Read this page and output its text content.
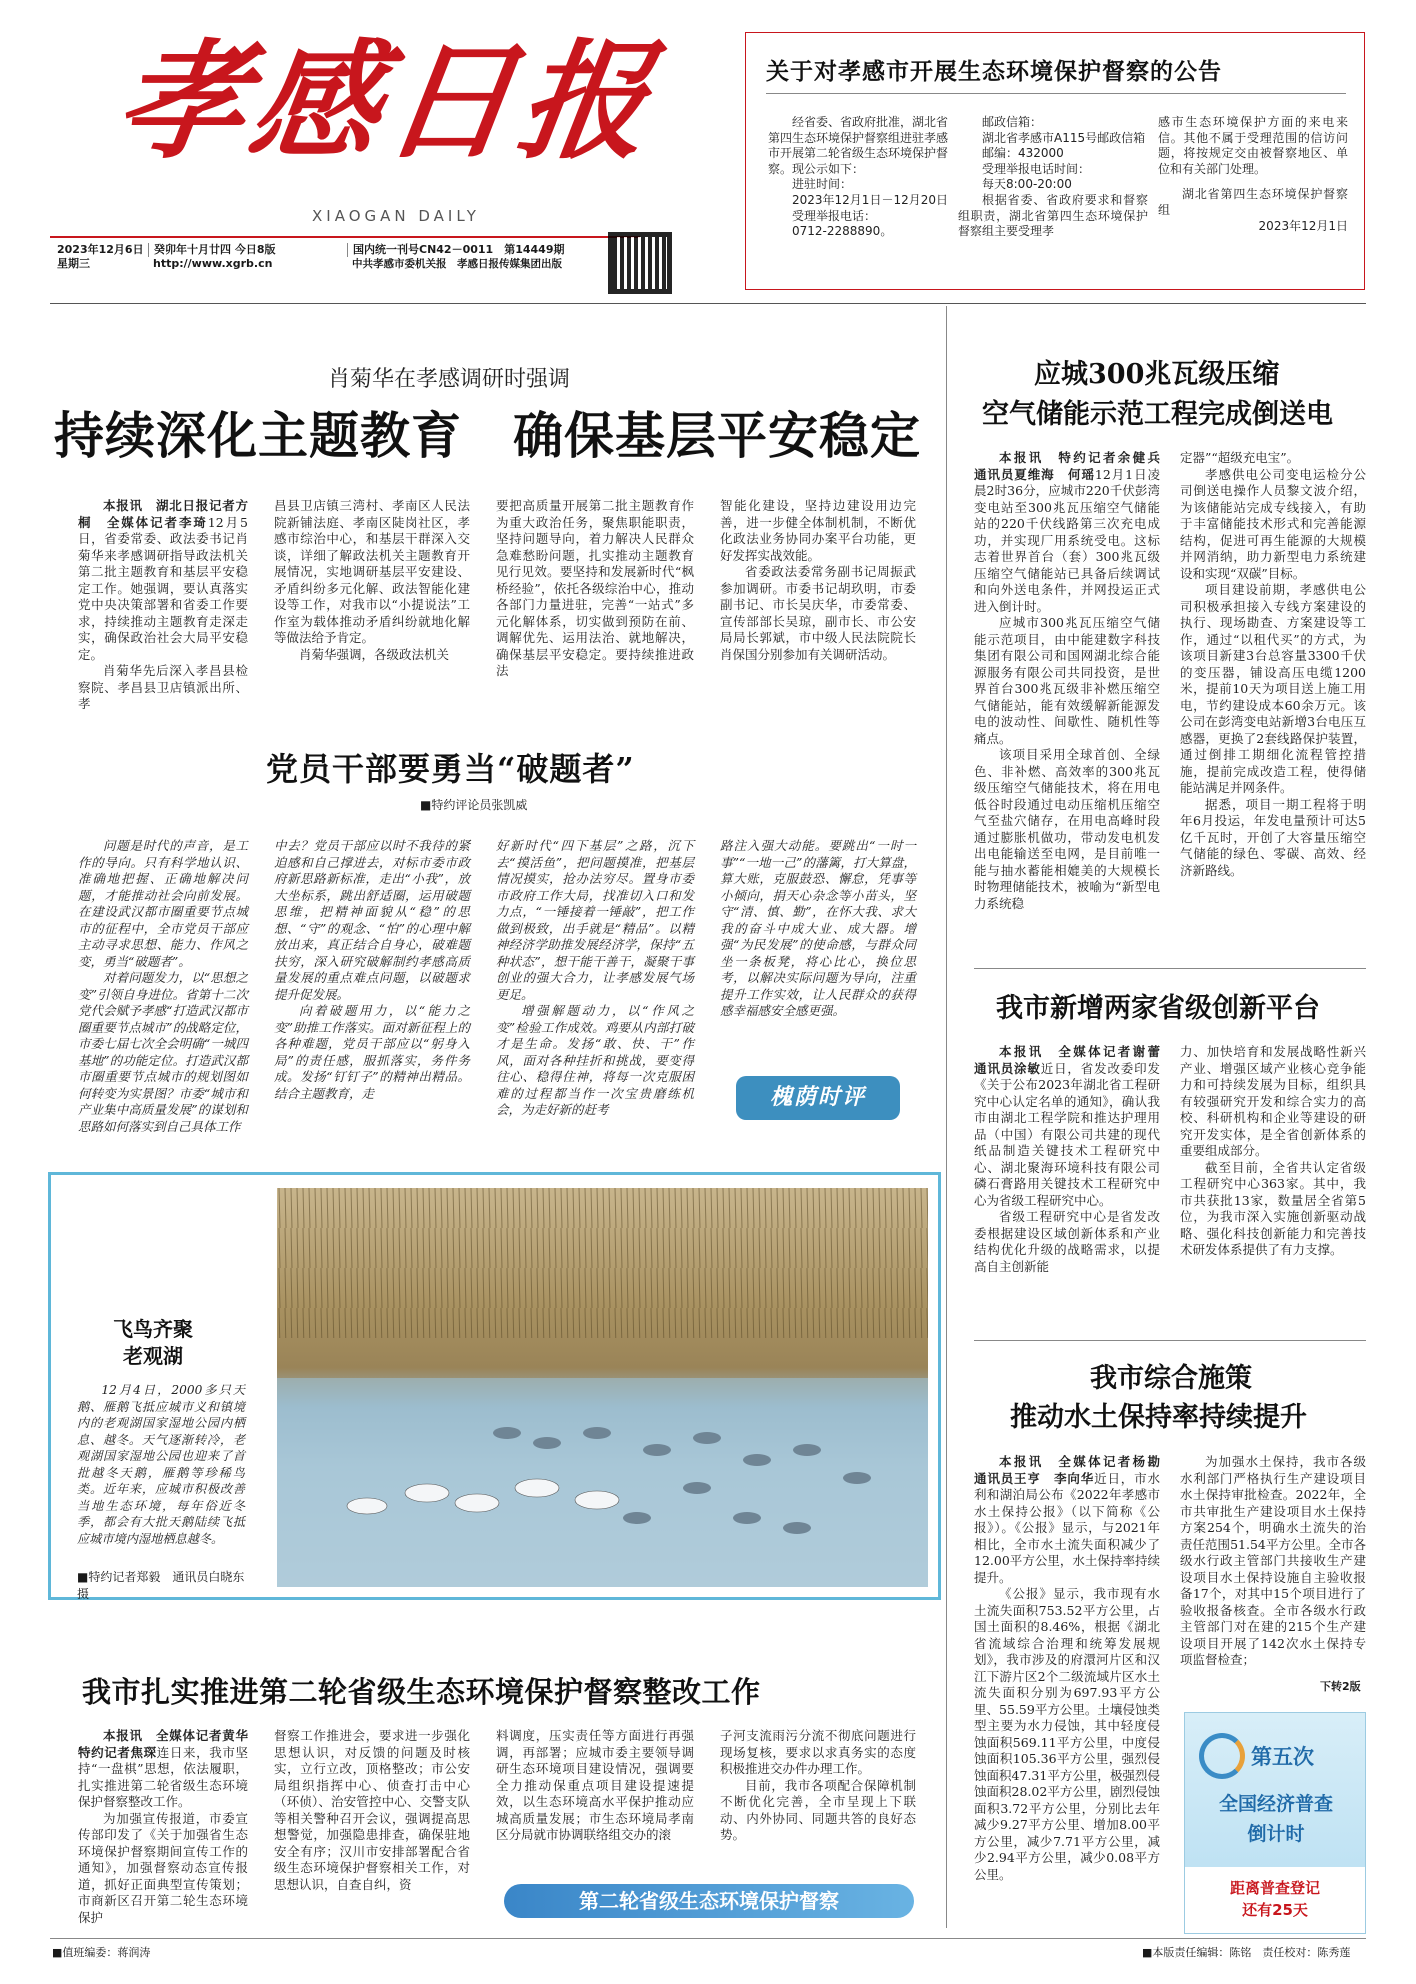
孝感日报
XIAOGAN DAILY
2023年12月6日
星期三
癸卯年十月廿四 今日8版
http://www.xgrb.cn
国内统一刊号CN42－0011　第14449期
中共孝感市委机关报　孝感日报传媒集团出版
关于对孝感市开展生态环境保护督察的公告

经省委、省政府批准，湖北省第四生态环境保护督察组进驻孝感市开展第二轮省级生态环境保护督察。现公示如下：

进驻时间：

2023年12月1日－12月20日

受理举报电话：

0712-2288890。

邮政信箱：

湖北省孝感市A115号邮政信箱

邮编：432000

受理举报电话时间：

每天8:00-20:00

根据省委、省政府要求和督察组职责，湖北省第四生态环境保护督察组主要受理孝

感市生态环境保护方面的来电来信。其他不属于受理范围的信访问题，将按规定交由被督察地区、单位和有关部门处理。

湖北省第四生态环境保护督察组

2023年12月1日

肖菊华在孝感调研时强调
持续深化主题教育　确保基层平安稳定

本报讯　湖北日报记者方桐　全媒体记者李琦12月5日，省委常委、政法委书记肖菊华来孝感调研指导政法机关第二批主题教育和基层平安稳定工作。她强调，要认真落实党中央决策部署和省委工作要求，持续推动主题教育走深走实，确保政治社会大局平安稳定。

肖菊华先后深入孝昌县检察院、孝昌县卫店镇派出所、孝

昌县卫店镇三湾村、孝南区人民法院新铺法庭、孝南区陡岗社区，孝感市综治中心，和基层干群深入交谈，详细了解政法机关主题教育开展情况，实地调研基层平安建设、矛盾纠纷多元化解、政法智能化建设等工作，对我市以“小提说法”工作室为载体推动矛盾纠纷就地化解等做法给予肯定。

肖菊华强调，各级政法机关

要把高质量开展第二批主题教育作为重大政治任务，聚焦职能职责，坚持问题导向，着力解决人民群众急难愁盼问题，扎实推动主题教育见行见效。要坚持和发展新时代“枫桥经验”，依托各级综治中心，推动各部门力量进驻，完善“一站式”多元化解体系，切实做到预防在前、调解优先、运用法治、就地解决，确保基层平安稳定。要持续推进政法

智能化建设，坚持边建设用边完善，进一步健全体制机制，不断优化政法业务协同办案平台功能，更好发挥实战效能。

省委政法委常务副书记周振武参加调研。市委书记胡玖明，市委副书记、市长吴庆华，市委常委、宣传部部长吴琼，副市长、市公安局局长郭斌，市中级人民法院院长肖保国分别参加有关调研活动。

党员干部要勇当“破题者”
■特约评论员张凯威

问题是时代的声音，是工作的导向。只有科学地认识、准确地把握、正确地解决问题，才能推动社会向前发展。在建设武汉都市圈重要节点城市的征程中，全市党员干部应主动寻求思想、能力、作风之变，勇当“破题者”。

对着问题发力，以“思想之变”引领自身进位。省第十二次党代会赋予孝感“打造武汉都市圈重要节点城市”的战略定位，市委七届七次全会明确“一城四基地”的功能定位。打造武汉都市圈重要节点城市的规划图如何转变为实景图？市委“城市和产业集中高质量发展”的谋划和思路如何落实到自己具体工作

中去？党员干部应以时不我待的紧迫感和自己撑进去，对标市委市政府新思路新标准，走出“小我”，放大坐标系，跳出舒适圈，运用破题思维，把精神面貌从“稳”的思想、“守”的观念、“怕”的心理中解放出来，真正结合自身心，破难题扶穷，深入研究破解制约孝感高质量发展的重点难点问题，以破题求提升促发展。

向着破题用力，以“能力之变”助推工作落实。面对新征程上的各种难题，党员干部应以“躬身入局”的责任感，服抓落实，务件务成。发扬“钉钉子”的精神出精品。结合主题教育，走

好新时代“四下基层”之路，沉下去“摸活鱼”，把问题摸准，把基层情况摸实，抢办法穷尽。置身市委市政府工作大局，找准切入口和发力点，“一锤接着一锤敲”，把工作做到极致，出手就是“精品”。以精神经济学助推发展经济学，保持“五种状态”，想干能干善干，凝聚干事创业的强大合力，让孝感发展气场更足。

增强解题动力，以“作风之变”检验工作成效。鸡要从内部打破才是生命。发扬“敢、快、干”作风，面对各种挂折和挑战，要变得往心、稳得住神，将每一次克服困难的过程都当作一次宝贵磨练机会，为走好新的赶考

路注入强大动能。要跳出“一时一事”“一地一己”的藩篱，打大算盘，算大账，克服鼓恐、懈怠，凭事等小倾向，捐天心杂念等小苗头，坚守“清、慎、勤”，在怀大我、求大我的奋斗中成大业、成大器。增强“为民发展”的使命感，与群众同坐一条板凳，将心比心，换位思考，以解决实际问题为导向，注重提升工作实效，让人民群众的获得感幸福感安全感更强。

槐荫时评
飞鸟齐聚
老观湖
12月4日，2000多只天鹅、雁鹅飞抵应城市义和镇境内的老观湖国家湿地公园内栖息、越冬。天气逐渐转冷，老观湖国家湿地公园也迎来了首批越冬天鹅，雁鹅等珍稀鸟类。近年来，应城市积极改善当地生态环境，每年俗近冬季，都会有大批天鹅陆续飞抵应城市境内湿地栖息越冬。
■特约记者郑毅　通讯员白晓东　摄
我市扎实推进第二轮省级生态环境保护督察整改工作

本报讯　全媒体记者黄华　特约记者焦琛连日来，我市坚持“一盘棋”思想，依法履职，扎实推进第二轮省级生态环境保护督察整改工作。

为加强宣传报道，市委宣传部印发了《关于加强省生态环境保护督察期间宣传工作的通知》，加强督察动态宣传报道，抓好正面典型宣传策划；市商新区召开第二轮生态环境保护

督察工作推进会，要求进一步强化思想认识，对反馈的问题及时核实，立行立改，顶格整改；市公安局组织指挥中心、侦查打击中心（环侦）、治安管控中心、交警支队等相关警种召开会议，强调提高思想警觉，加强隐患排查，确保驻地安全有序；汉川市安排部署配合省级生态环境保护督察相关工作，对思想认识，自查自纠，资

料调度，压实责任等方面进行再强调，再部署；应城市委主要领导调研生态环境项目建设情况，强调要全力推动保重点项目建设提速提效，以生态环境高水平保护推动应城高质量发展；市生态环境局孝南区分局就市协调联络组交办的滚

子河支流雨污分流不彻底问题进行现场复核，要求以求真务实的态度积极推进交办件办理工作。

目前，我市各项配合保障机制不断优化完善，全市呈现上下联动、内外协同、同题共答的良好态势。

第二轮省级生态环境保护督察
应城300兆瓦级压缩
空气储能示范工程完成倒送电

本报讯　特约记者余健兵　通讯员夏维海　何瑶12月1日凌晨2时36分，应城市220千伏彭湾变电站至300兆瓦压缩空气储能站的220千伏线路第三次充电成功，并实现厂用系统受电。这标志着世界首台（套）300兆瓦级压缩空气储能站已具备后续调试和向外送电条件，并网投运正式进入倒计时。

应城市300兆瓦压缩空气储能示范项目，由中能建数字科技集团有限公司和国网湖北综合能源服务有限公司共同投资，是世界首台300兆瓦级非补燃压缩空气储能站，能有效缓解新能源发电的波动性、间歇性、随机性等痛点。

该项目采用全球首创、全绿色、非补燃、高效率的300兆瓦级压缩空气储能技术，将在用电低谷时段通过电动压缩机压缩空气至盐穴储存，在用电高峰时段通过膨胀机做功，带动发电机发出电能输送至电网，是目前唯一能与抽水蓄能相媲美的大规模长时物理储能技术，被喻为“新型电力系统稳

定器”“超级充电宝”。

孝感供电公司变电运检分公司倒送电操作人员黎文波介绍，为该储能站完成专线接入，有助于丰富储能技术形式和完善能源结构，促进可再生能源的大规模并网消纳，助力新型电力系统建设和实现“双碳”目标。

项目建设前期，孝感供电公司积极承担接入专线方案建设的执行、现场勘查、方案建设等工作，通过“以租代买”的方式，为该项目新建3台总容量3300千伏的变压器，铺设高压电缆1200米，提前10天为项目送上施工用电，节约建设成本60余万元。该公司在彭湾变电站新增3台电压互感器，更换了2套线路保护装置，通过倒排工期细化流程管控措施，提前完成改造工程，使得储能站满足并网条件。

据悉，项目一期工程将于明年6月投运，年发电量预计可达5亿千瓦时，开创了大容量压缩空气储能的绿色、零碳、高效、经济新路线。

我市新增两家省级创新平台

本报讯　全媒体记者谢蕾　通讯员涂敏近日，省发改委印发《关于公布2023年湖北省工程研究中心认定名单的通知》，确认我市由湖北工程学院和推达护理用品（中国）有限公司共建的现代纸品制造关键技术工程研究中心、湖北聚海环境科技有限公司磷石膏路用关键技术工程研究中心为省级工程研究中心。

省级工程研究中心是省发改委根据建设区域创新体系和产业结构优化升级的战略需求，以提高自主创新能

力、加快培育和发展战略性新兴产业、增强区域产业核心竞争能力和可持续发展为目标，组织具有较强研究开发和综合实力的高校、科研机构和企业等建设的研究开发实体，是全省创新体系的重要组成部分。

截至目前，全省共认定省级工程研究中心363家。其中，我市共获批13家，数量居全省第5位，为我市深入实施创新驱动战略、强化科技创新能力和完善技术研发体系提供了有力支撑。

我市综合施策
推动水土保持率持续提升

本报讯　全媒体记者杨勘　通讯员王亨　李向华近日，市水利和湖泊局公布《2022年孝感市水土保持公报》（以下简称《公报》）。《公报》显示，与2021年相比，全市水土流失面积减少了12.00平方公里，水土保持率持续提升。

《公报》显示，我市现有水土流失面积753.52平方公里，占国土面积的8.46%，根据《湖北省流域综合治理和统筹发展规划》，我市涉及的府澴河片区和汉江下游片区2个二级流域片区水土流失面积分别为697.93平方公里、55.59平方公里。土壤侵蚀类型主要为水力侵蚀，其中轻度侵蚀面积569.11平方公里，中度侵蚀面积105.36平方公里，强烈侵蚀面积47.31平方公里，极强烈侵蚀面积28.02平方公里，剧烈侵蚀面积3.72平方公里，分别比去年减少9.27平方公里、增加8.00平方公里，减少7.71平方公里，减少2.94平方公里，减少0.08平方公里。

为加强水土保持，我市各级水利部门严格执行生产建设项目水土保持审批检查。2022年，全市共审批生产建设项目水土保持方案254个，明确水土流失的治责任范围51.54平方公里。全市各级水行政主管部门共接收生产建设项目水土保持设施自主验收报备17个，对其中15个项目进行了验收报备核查。全市各级水行政主管部门对在建的215个生产建设项目开展了142次水土保持专项监督检查；

下转2版
第五次
全国经济普查
倒计时
距离普查登记
还有25天
■值班编委：蒋润涛	■本版责任编辑：陈铭　责任校对：陈秀莲
